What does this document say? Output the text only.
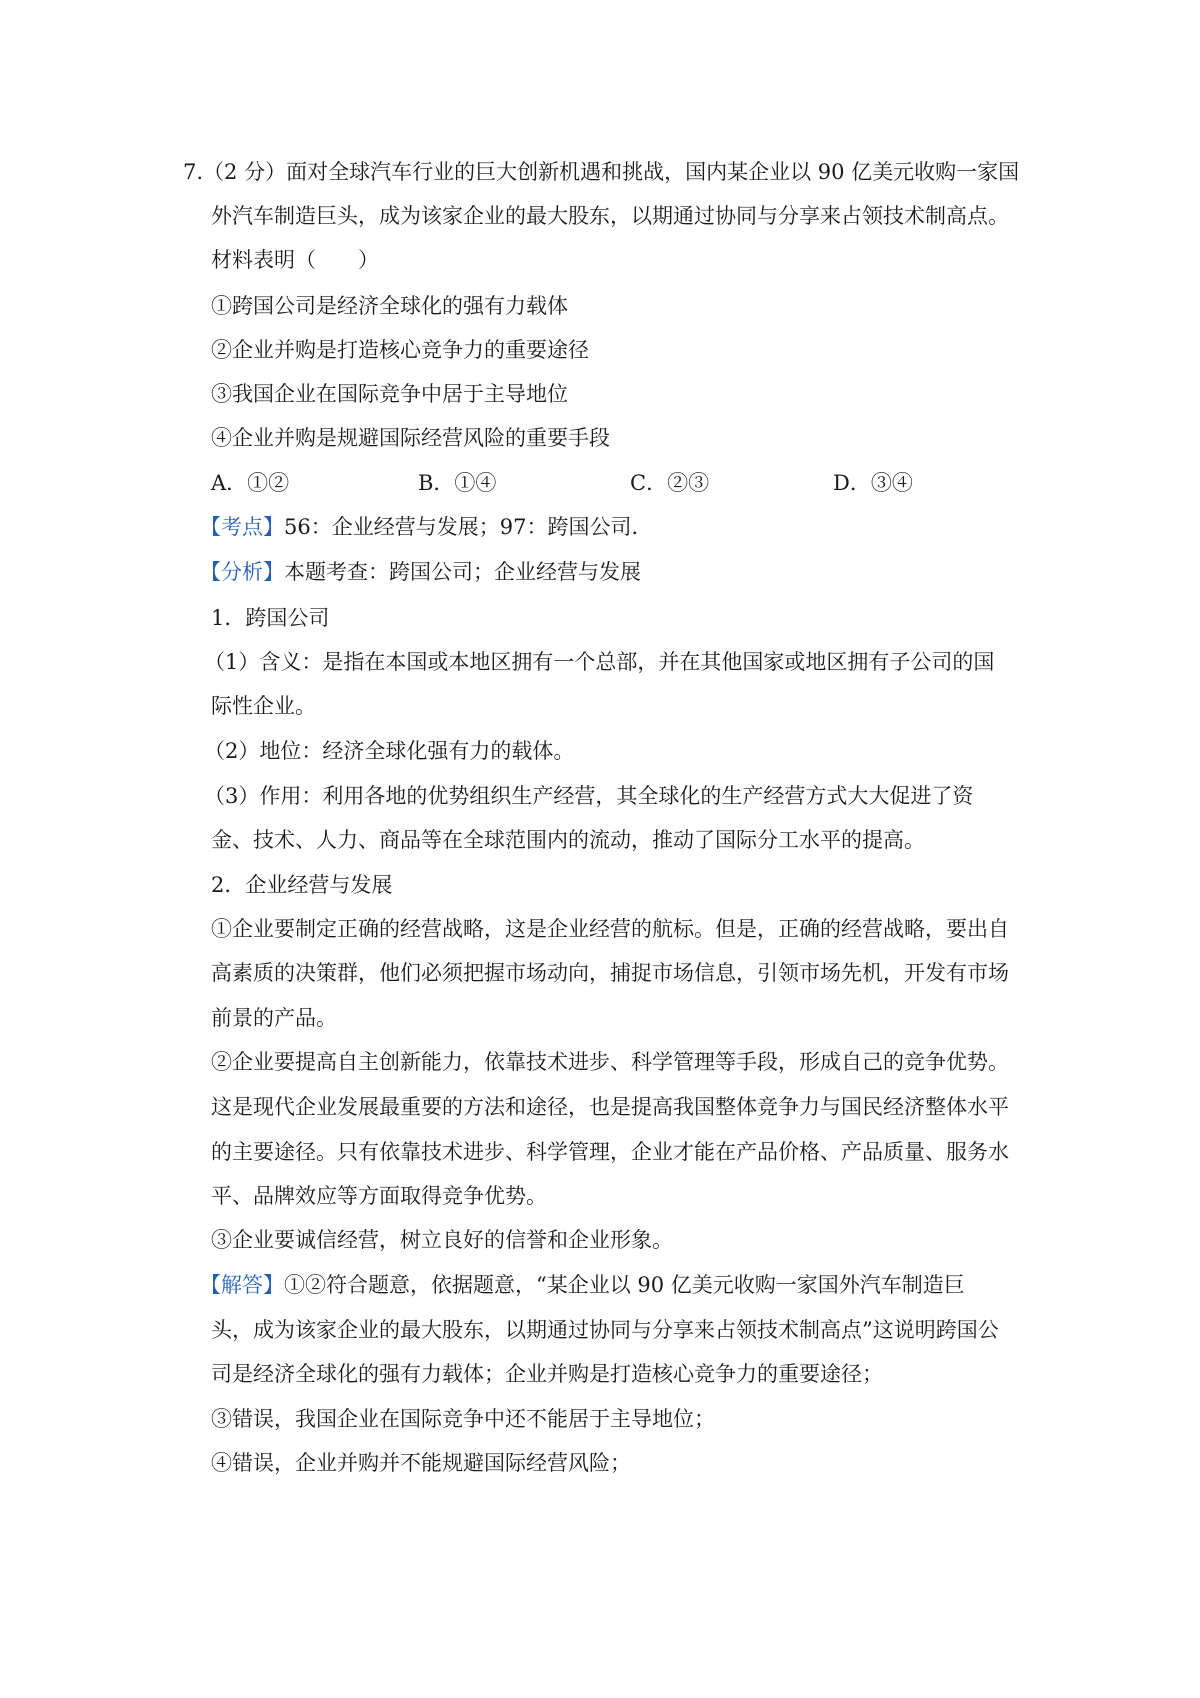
7.（2 分）面对全球汽车行业的巨大创新机遇和挑战，国内某企业以 90 亿美元收购一家国
外汽车制造巨头，成为该家企业的最大股东，以期通过协同与分享来占领技术制高点。
材料表明（　　）
①跨国公司是经济全球化的强有力载体
②企业并购是打造核心竞争力的重要途径
③我国企业在国际竞争中居于主导地位
④企业并购是规避国际经营风险的重要手段
A．①②	B．①④	C．②③	D．③④
【考点】56：企业经营与发展；97：跨国公司．
【分析】本题考查：跨国公司；企业经营与发展
1．跨国公司
（1）含义：是指在本国或本地区拥有一个总部，并在其他国家或地区拥有子公司的国
际性企业。
（2）地位：经济全球化强有力的载体。
（3）作用：利用各地的优势组织生产经营，其全球化的生产经营方式大大促进了资
金、技术、人力、商品等在全球范围内的流动，推动了国际分工水平的提高。
2．企业经营与发展
①企业要制定正确的经营战略，这是企业经营的航标。但是，正确的经营战略，要出自
高素质的决策群，他们必须把握市场动向，捕捉市场信息，引领市场先机，开发有市场
前景的产品。
②企业要提高自主创新能力，依靠技术进步、科学管理等手段，形成自己的竞争优势。
这是现代企业发展最重要的方法和途径，也是提高我国整体竞争力与国民经济整体水平
的主要途径。只有依靠技术进步、科学管理，企业才能在产品价格、产品质量、服务水
平、品牌效应等方面取得竞争优势。
③企业要诚信经营，树立良好的信誉和企业形象。
【解答】①②符合题意，依据题意，“某企业以 90 亿美元收购一家国外汽车制造巨
头，成为该家企业的最大股东，以期通过协同与分享来占领技术制高点”这说明跨国公
司是经济全球化的强有力载体；企业并购是打造核心竞争力的重要途径；
③错误，我国企业在国际竞争中还不能居于主导地位；
④错误，企业并购并不能规避国际经营风险；
